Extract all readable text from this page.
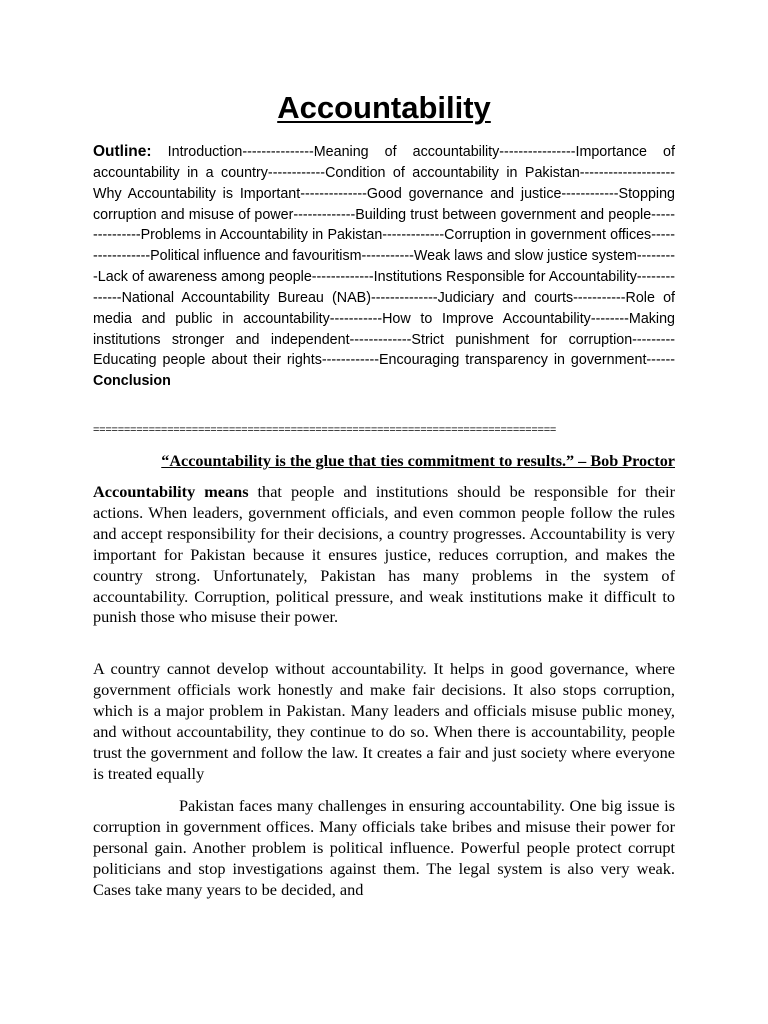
Accountability
Outline: Introduction---------------Meaning of accountability----------------Importance of accountability in a country------------Condition of accountability in Pakistan--------------------Why Accountability is Important--------------Good governance and justice------------Stopping corruption and misuse of power-------------Building trust between government and people---------------Problems in Accountability in Pakistan-------------Corruption in government offices-----------------Political influence and favouritism-----------Weak laws and slow justice system---------Lack of awareness among people-------------Institutions Responsible for Accountability--------------National Accountability Bureau (NAB)--------------Judiciary and courts-----------Role of media and public in accountability-----------How to Improve Accountability--------Making institutions stronger and independent-------------Strict punishment for corruption---------Educating people about their rights------------Encouraging transparency in government------Conclusion
===========================================================================
“Accountability is the glue that ties commitment to results.” – Bob Proctor

Accountability means that people and institutions should be responsible for their actions. When leaders, government officials, and even common people follow the rules and accept responsibility for their decisions, a country progresses. Accountability is very important for Pakistan because it ensures justice, reduces corruption, and makes the country strong. Unfortunately, Pakistan has many problems in the system of accountability. Corruption, political pressure, and weak institutions make it difficult to punish those who misuse their power.

A country cannot develop without accountability. It helps in good governance, where government officials work honestly and make fair decisions. It also stops corruption, which is a major problem in Pakistan. Many leaders and officials misuse public money, and without accountability, they continue to do so. When there is accountability, people trust the government and follow the law. It creates a fair and just society where everyone is treated equally

Pakistan faces many challenges in ensuring accountability. One big issue is corruption in government offices. Many officials take bribes and misuse their power for personal gain. Another problem is political influence. Powerful people protect corrupt politicians and stop investigations against them. The legal system is also very weak. Cases take many years to be decided, and
